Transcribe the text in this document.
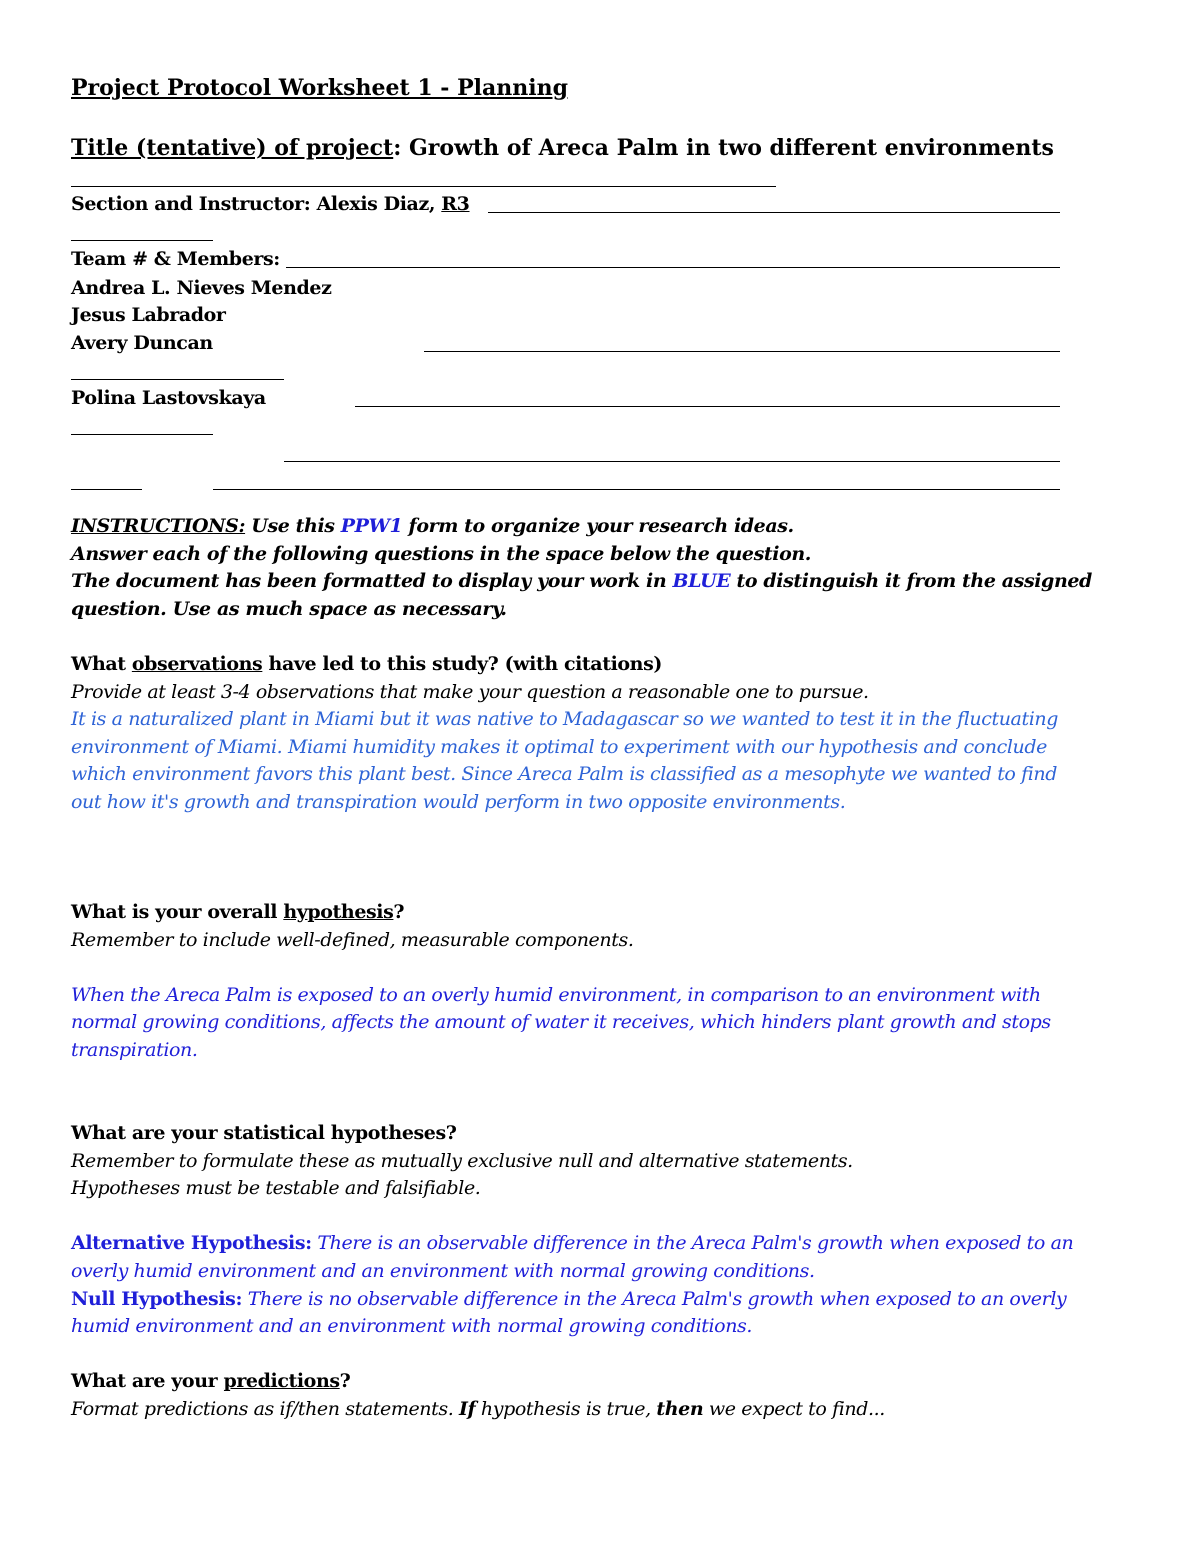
Project Protocol Worksheet 1 - Planning
Title (tentative) of project: Growth of Areca Palm in two different environments
Section and Instructor: Alexis Diaz, R3
Team # & Members:
Andrea L. Nieves Mendez
Jesus Labrador
Avery Duncan
Polina Lastovskaya
INSTRUCTIONS: Use this PPW1 form to organize your research ideas.
Answer each of the following questions in the space below the question.
The document has been formatted to display your work in BLUE to distinguish it from the assigned
question. Use as much space as necessary.
What observations have led to this study? (with citations)
Provide at least 3-4 observations that make your question a reasonable one to pursue.
It is a naturalized plant in Miami but it was native to Madagascar so we wanted to test it in the fluctuating
environment of Miami. Miami humidity makes it optimal to experiment with our hypothesis and conclude
which environment favors this plant best. Since Areca Palm is classified as a mesophyte we wanted to find
out how it's growth and transpiration would perform in two opposite environments.
What is your overall hypothesis?
Remember to include well-defined, measurable components.
When the Areca Palm is exposed to an overly humid environment, in comparison to an environment with
normal growing conditions, affects the amount of water it receives, which hinders plant growth and stops
transpiration.
What are your statistical hypotheses?
Remember to formulate these as mutually exclusive null and alternative statements.
Hypotheses must be testable and falsifiable.
Alternative Hypothesis: There is an observable difference in the Areca Palm's growth when exposed to an
overly humid environment and an environment with normal growing conditions.
Null Hypothesis: There is no observable difference in the Areca Palm's growth when exposed to an overly
humid environment and an environment with normal growing conditions.
What are your predictions?
Format predictions as if/then statements. If hypothesis is true, then we expect to find...
